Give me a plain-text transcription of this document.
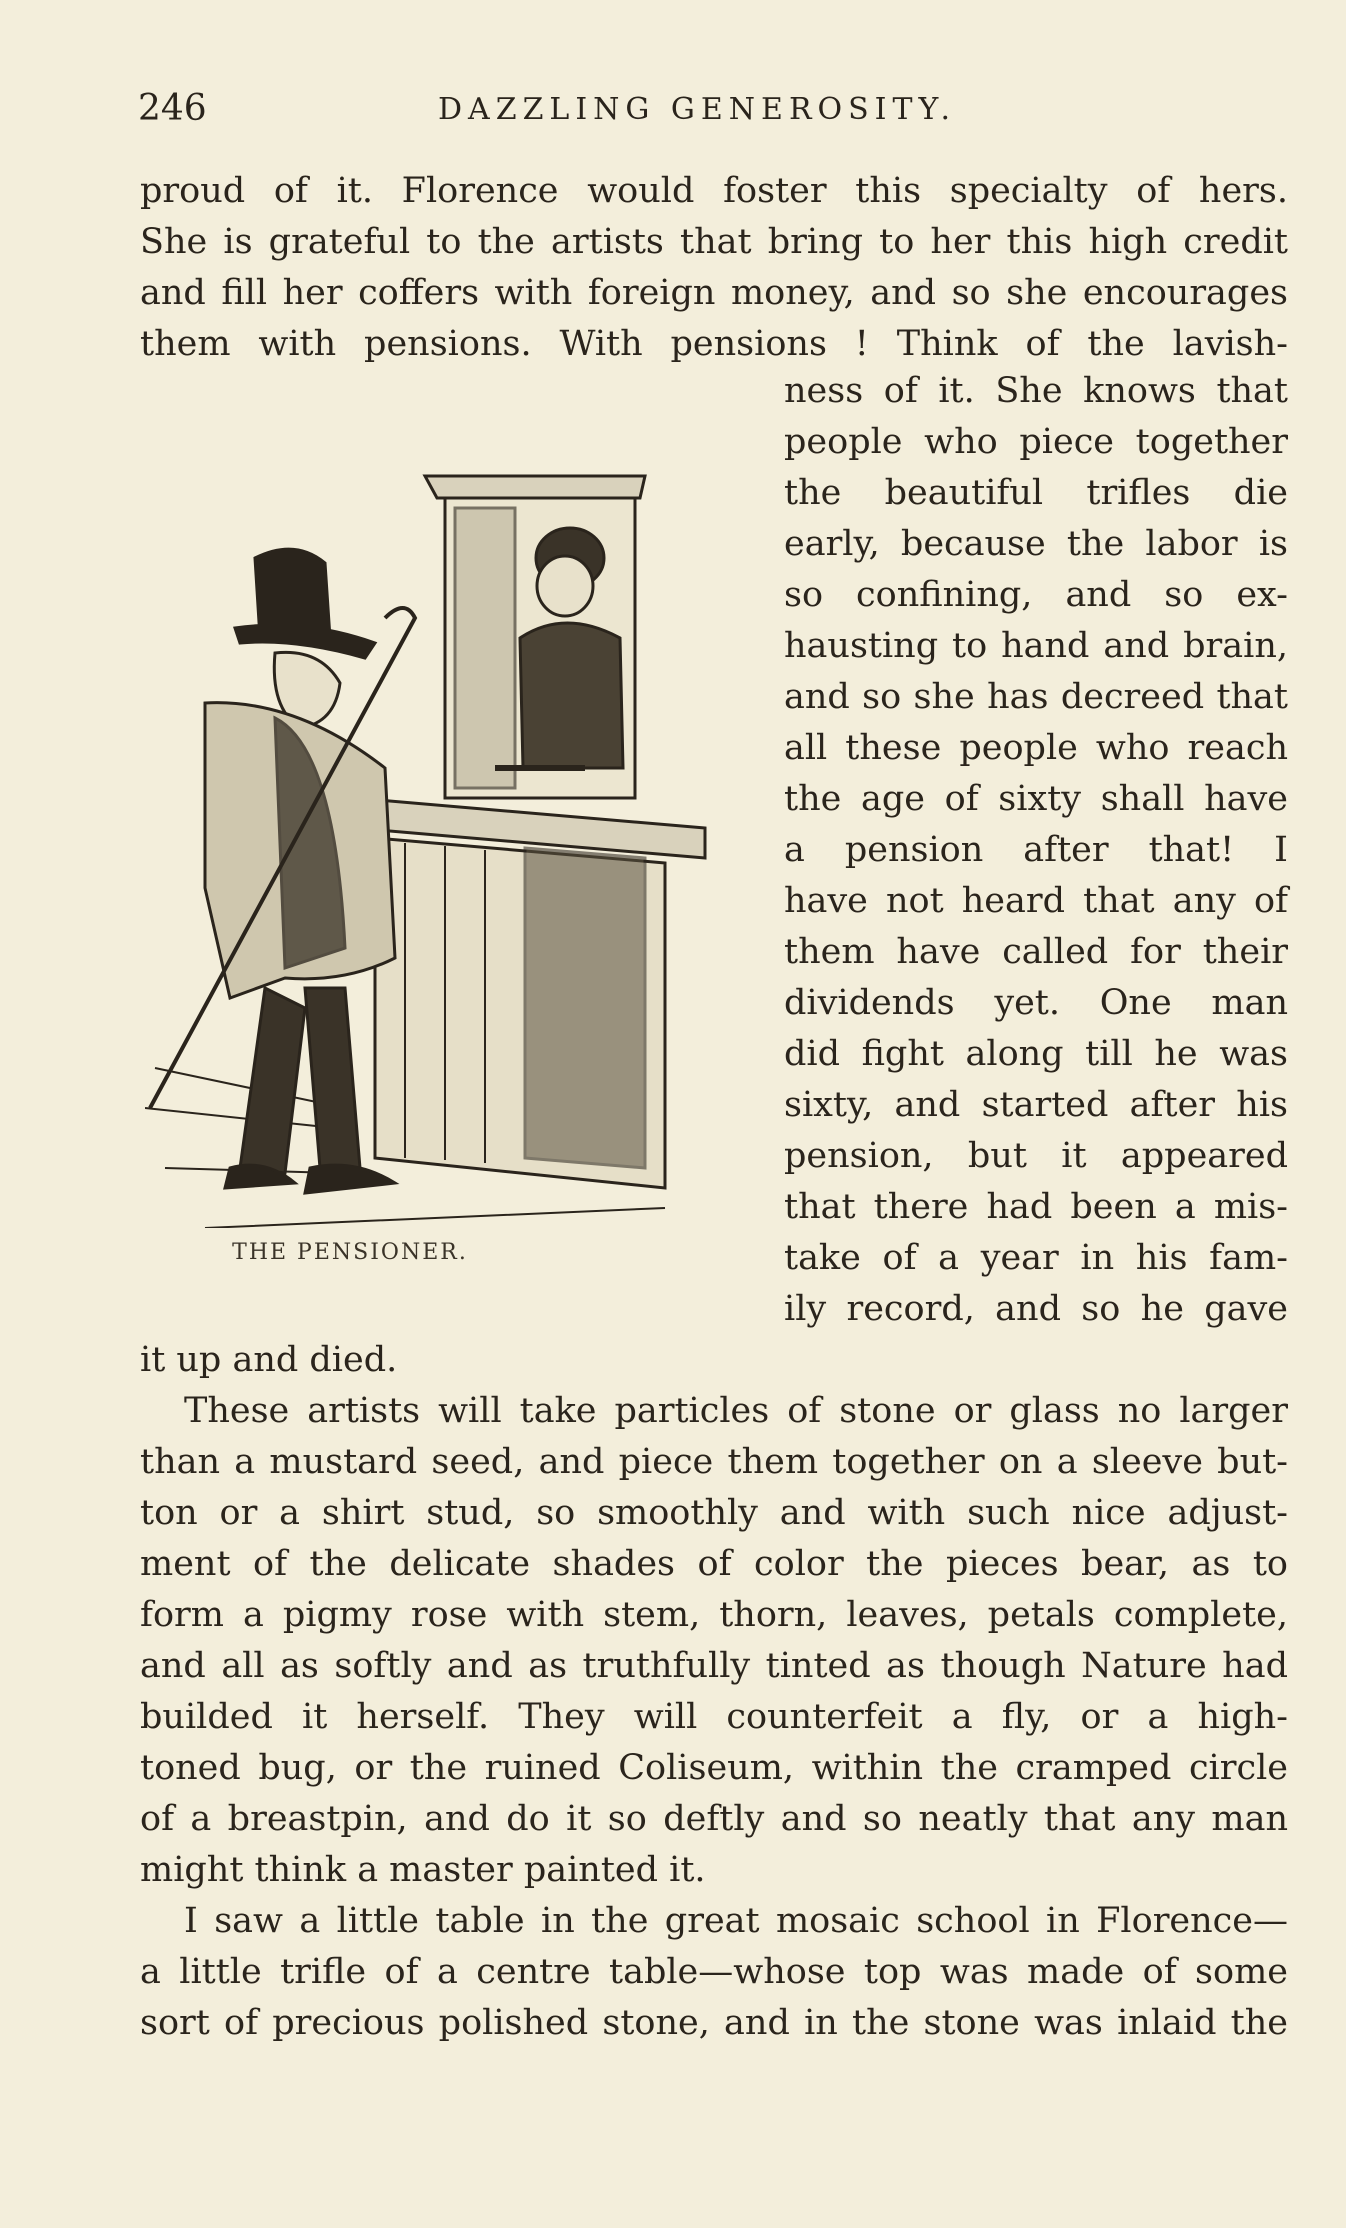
246	DAZZLING GENEROSITY.
proud of it. Florence would foster this specialty of hers.
She is grateful to the artists that bring to her this high credit
and fill her coffers with foreign money, and so she encourages
them with pensions. With pensions ! Think of the lavish-
THE PENSIONER.
ness of it. She knows that
people who piece together
the beautiful trifles die
early, because the labor is
so confining, and so ex-
hausting to hand and brain,
and so she has decreed that
all these people who reach
the age of sixty shall have
a pension after that! I
have not heard that any of
them have called for their
dividends yet. One man
did fight along till he was
sixty, and started after his
pension, but it appeared
that there had been a mis-
take of a year in his fam-
ily record, and so he gave
it up and died.
These artists will take particles of stone or glass no larger
than a mustard seed, and piece them together on a sleeve but-
ton or a shirt stud, so smoothly and with such nice adjust-
ment of the delicate shades of color the pieces bear, as to
form a pigmy rose with stem, thorn, leaves, petals complete,
and all as softly and as truthfully tinted as though Nature had
builded it herself. They will counterfeit a fly, or a high-
toned bug, or the ruined Coliseum, within the cramped circle
of a breastpin, and do it so deftly and so neatly that any man
might think a master painted it.
I saw a little table in the great mosaic school in Florence—
a little trifle of a centre table—whose top was made of some
sort of precious polished stone, and in the stone was inlaid the
